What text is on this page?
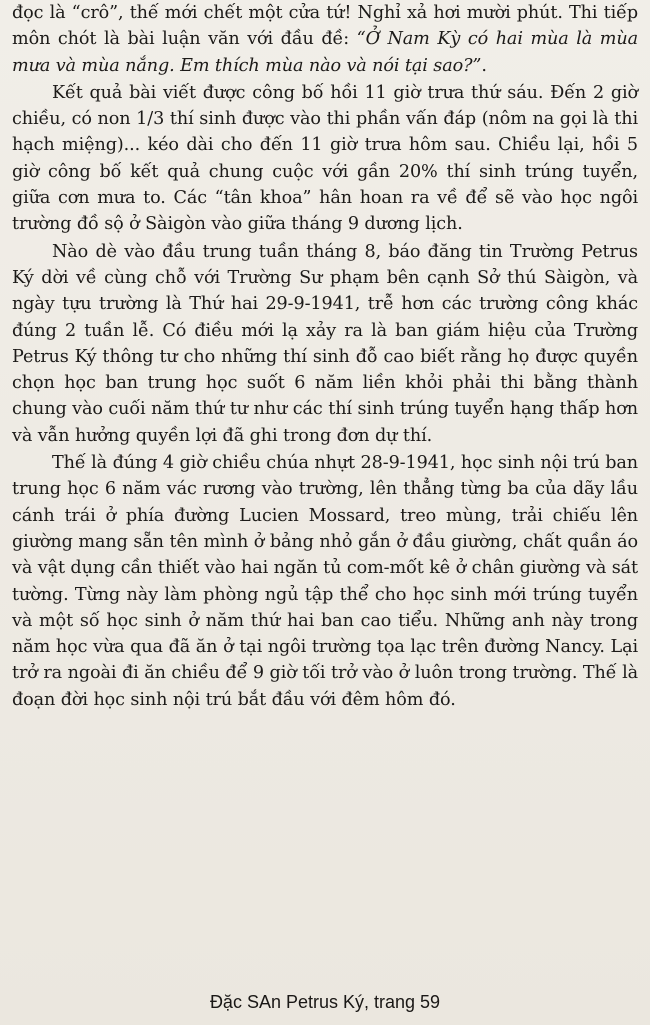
đọc là “crô”, thế mới chết một cửa tứ! Nghỉ xả hơi mười phút. Thi tiếp môn chót là bài luận văn với đầu đề: “Ở Nam Kỳ có hai mùa là mùa mưa và mùa nắng. Em thích mùa nào và nói tại sao?”.

Kết quả bài viết được công bố hồi 11 giờ trưa thứ sáu. Đến 2 giờ chiều, có non 1/3 thí sinh được vào thi phần vấn đáp (nôm na gọi là thi hạch miệng)... kéo dài cho đến 11 giờ trưa hôm sau. Chiều lại, hồi 5 giờ công bố kết quả chung cuộc với gần 20% thí sinh trúng tuyển, giữa cơn mưa to. Các “tân khoa” hân hoan ra về để sẽ vào học ngôi trường đồ sộ ở Sàigòn vào giữa tháng 9 dương lịch.

Nào dè vào đầu trung tuần tháng 8, báo đăng tin Trường Petrus Ký dời về cùng chỗ với Trường Sư phạm bên cạnh Sở thú Sàigòn, và ngày tựu trường là Thứ hai 29-9-1941, trễ hơn các trường công khác đúng 2 tuần lễ. Có điều mới lạ xảy ra là ban giám hiệu của Trường Petrus Ký thông tư cho những thí sinh đỗ cao biết rằng họ được quyền chọn học ban trung học suốt 6 năm liền khỏi phải thi bằng thành chung vào cuối năm thứ tư như các thí sinh trúng tuyển hạng thấp hơn và vẫn hưởng quyền lợi đã ghi trong đơn dự thí.

Thế là đúng 4 giờ chiều chúa nhựt 28-9-1941, học sinh nội trú ban trung học 6 năm vác rương vào trường, lên thẳng từng ba của dãy lầu cánh trái ở phía đường Lucien Mossard, treo mùng, trải chiếu lên giường mang sẵn tên mình ở bảng nhỏ gắn ở đầu giường, chất quần áo và vật dụng cần thiết vào hai ngăn tủ com-mốt kê ở chân giường và sát tường. Từng này làm phòng ngủ tập thể cho học sinh mới trúng tuyển và một số học sinh ở năm thứ hai ban cao tiểu. Những anh này trong năm học vừa qua đã ăn ở tại ngôi trường tọa lạc trên đường Nancy. Lại trở ra ngoài đi ăn chiều để 9 giờ tối trở vào ở luôn trong trường. Thế là đoạn đời học sinh nội trú bắt đầu với đêm hôm đó.

Đặc SAn Petrus Ký, trang 59
